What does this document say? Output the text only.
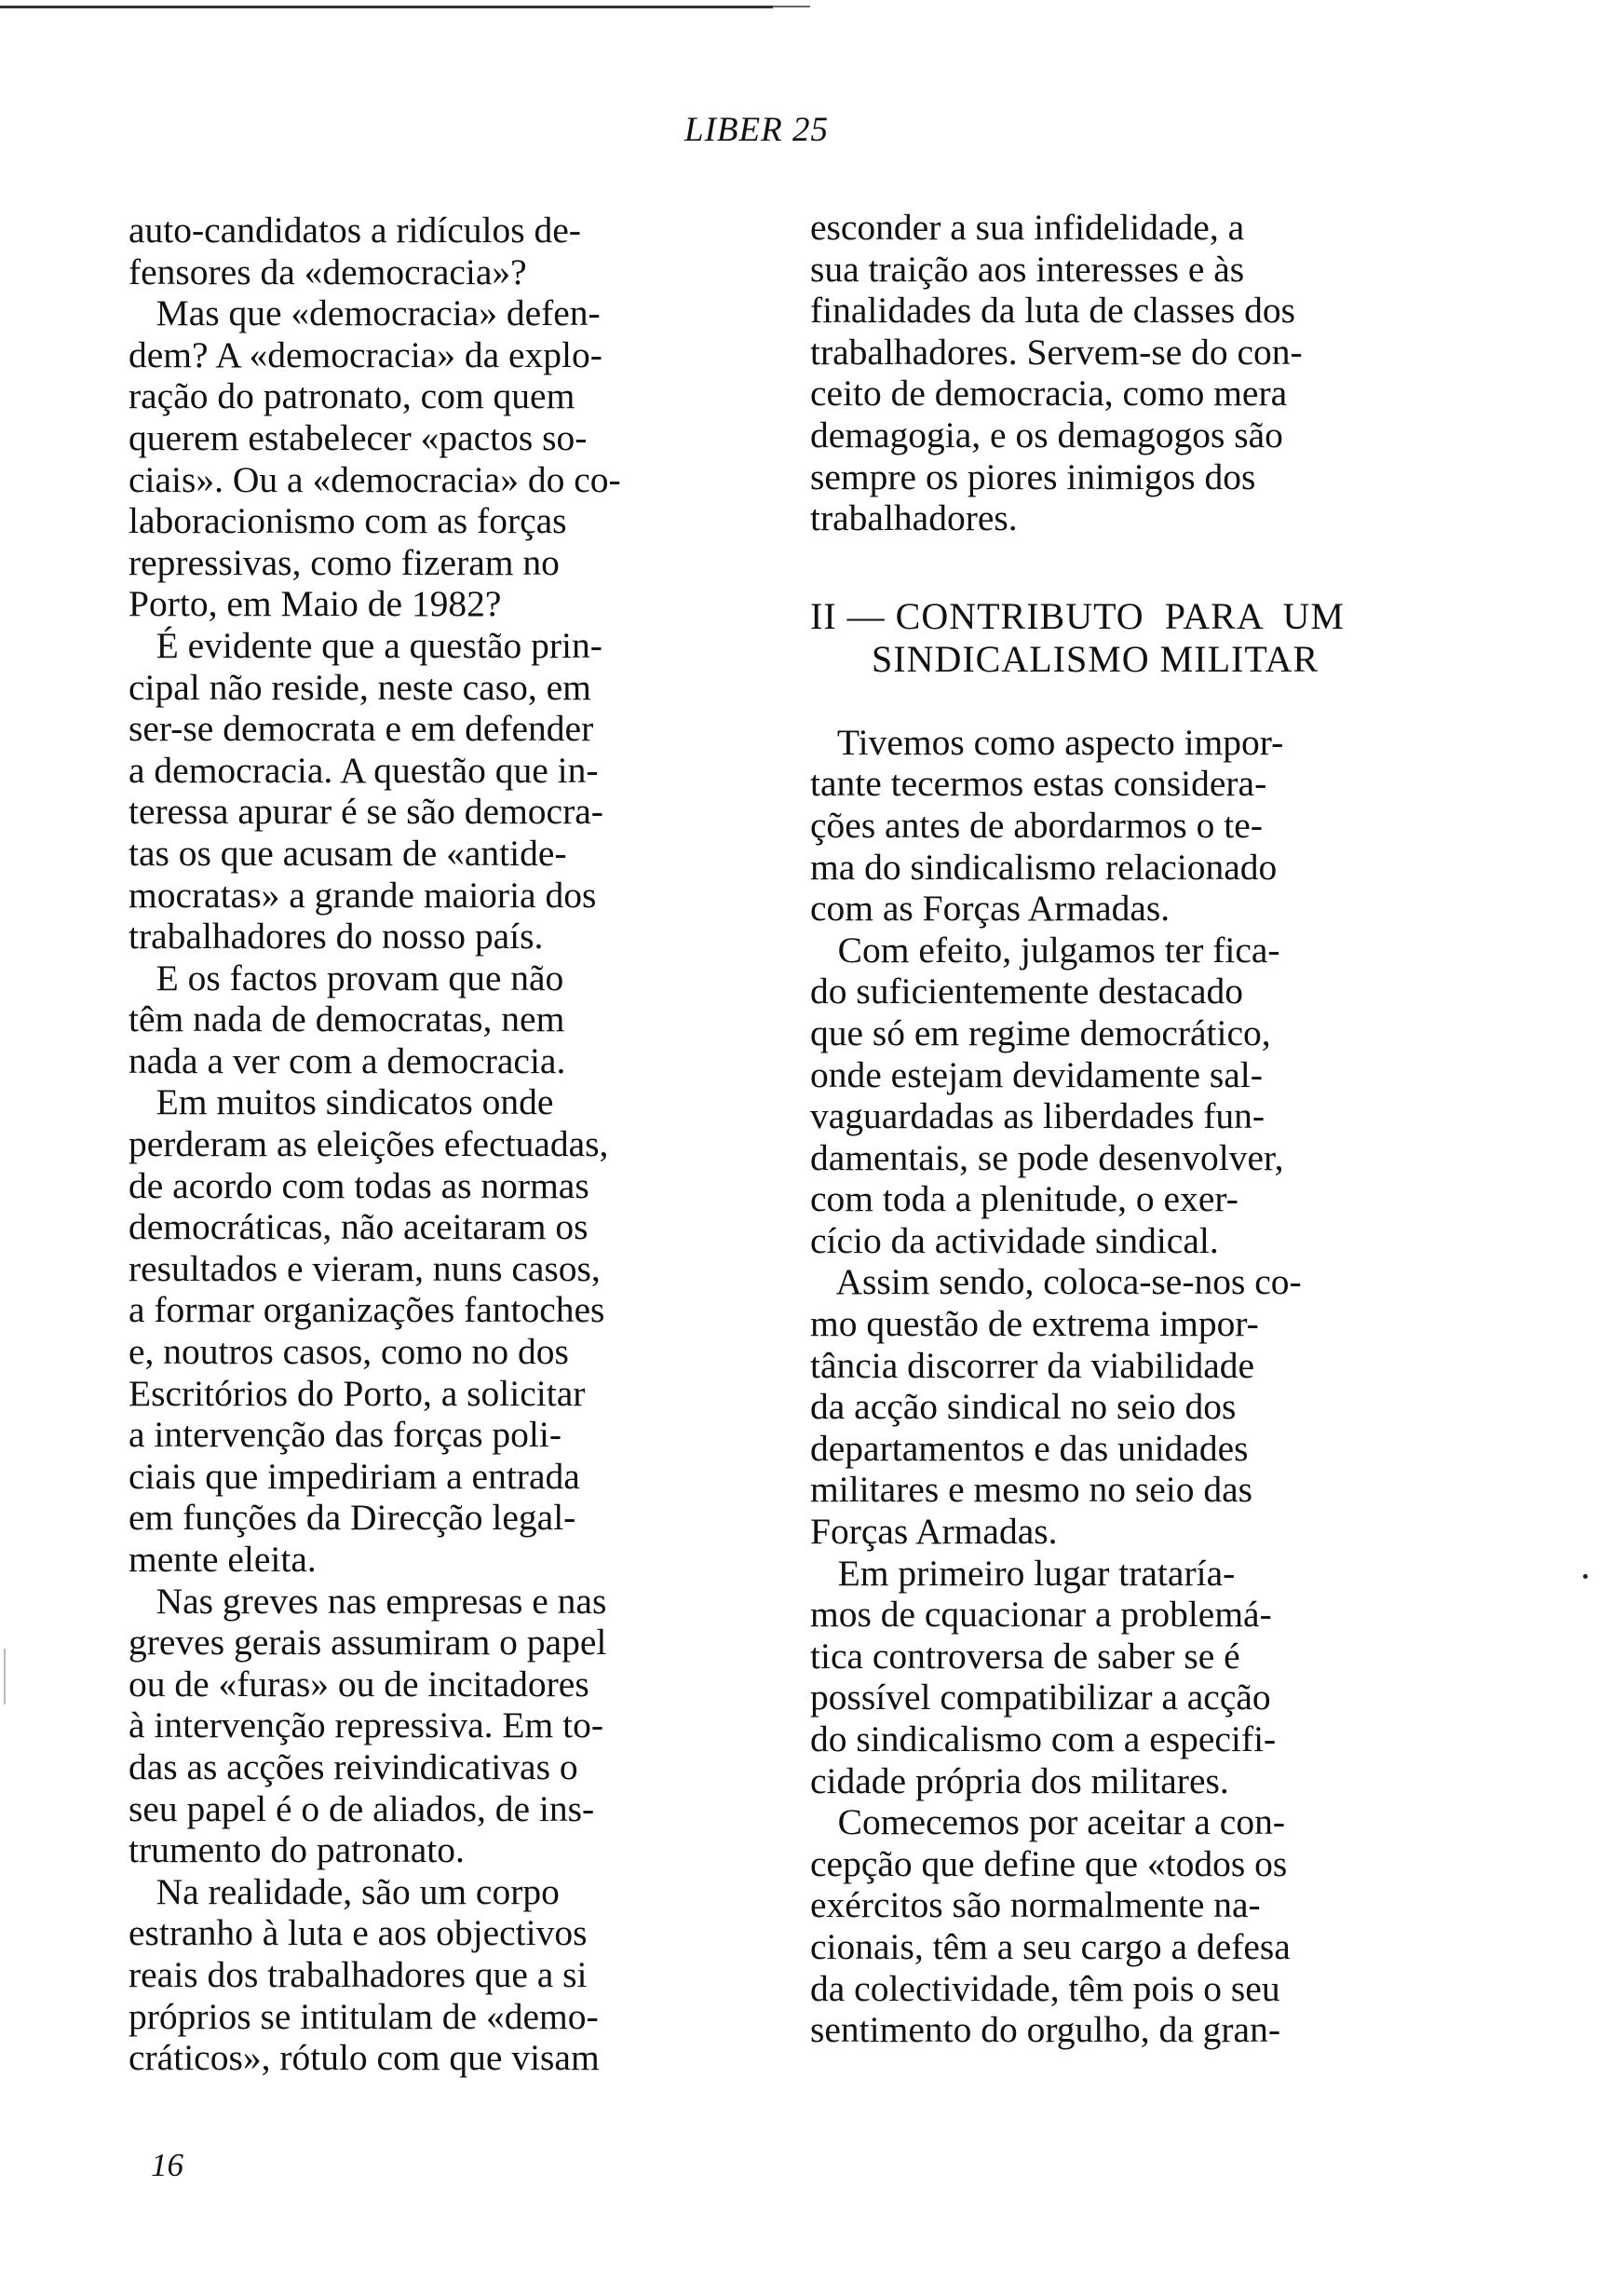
LIBER 25
auto-candidatos a ridículos de-
fensores da «democracia»?
Mas que «democracia» defen-
dem? A «democracia» da explo-
ração do patronato, com quem
querem estabelecer «pactos so-
ciais». Ou a «democracia» do co-
laboracionismo com as forças
repressivas, como fizeram no
Porto, em Maio de 1982?
É evidente que a questão prin-
cipal não reside, neste caso, em
ser-se democrata e em defender
a democracia. A questão que in-
teressa apurar é se são democra-
tas os que acusam de «antide-
mocratas» a grande maioria dos
trabalhadores do nosso país.
E os factos provam que não
têm nada de democratas, nem
nada a ver com a democracia.
Em muitos sindicatos onde
perderam as eleições efectuadas,
de acordo com todas as normas
democráticas, não aceitaram os
resultados e vieram, nuns casos,
a formar organizações fantoches
e, noutros casos, como no dos
Escritórios do Porto, a solicitar
a intervenção das forças poli-
ciais que impediriam a entrada
em funções da Direcção legal-
mente eleita.
Nas greves nas empresas e nas
greves gerais assumiram o papel
ou de «furas» ou de incitadores
à intervenção repressiva. Em to-
das as acções reivindicativas o
seu papel é o de aliados, de ins-
trumento do patronato.
Na realidade, são um corpo
estranho à luta e aos objectivos
reais dos trabalhadores que a si
próprios se intitulam de «demo-
cráticos», rótulo com que visam
esconder a sua infidelidade, a
sua traição aos interesses e às
finalidades da luta de classes dos
trabalhadores. Servem-se do con-
ceito de democracia, como mera
demagogia, e os demagogos são
sempre os piores inimigos dos
trabalhadores.
II — CONTRIBUTO  PARA  UM
SINDICALISMO MILITAR
Tivemos como aspecto impor-
tante tecermos estas considera-
ções antes de abordarmos o te-
ma do sindicalismo relacionado
com as Forças Armadas.
Com efeito, julgamos ter fica-
do suficientemente destacado
que só em regime democrático,
onde estejam devidamente sal-
vaguardadas as liberdades fun-
damentais, se pode desenvolver,
com toda a plenitude, o exer-
cício da actividade sindical.
Assim sendo, coloca-se-nos co-
mo questão de extrema impor-
tância discorrer da viabilidade
da acção sindical no seio dos
departamentos e das unidades
militares e mesmo no seio das
Forças Armadas.
Em primeiro lugar trataría-
mos de cquacionar a problemá-
tica controversa de saber se é
possível compatibilizar a acção
do sindicalismo com a especifi-
cidade própria dos militares.
Comecemos por aceitar a con-
cepção que define que «todos os
exércitos são normalmente na-
cionais, têm a seu cargo a defesa
da colectividade, têm pois o seu
sentimento do orgulho, da gran-
16
